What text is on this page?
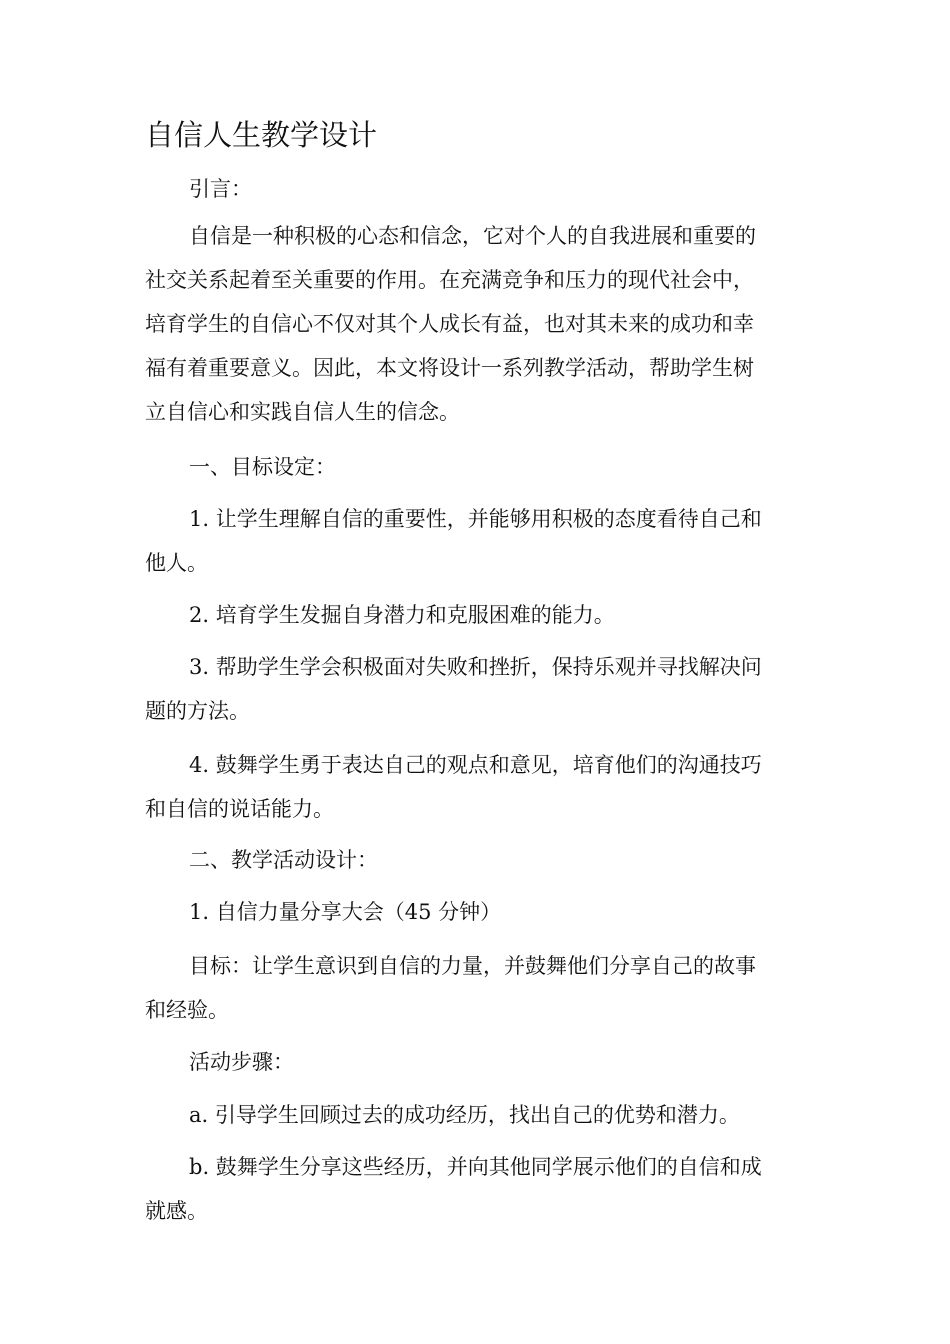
自信人生教学设计

引言：

自信是一种积极的心态和信念，它对个人的自我进展和重要的
社交关系起着至关重要的作用。在充满竞争和压力的现代社会中，
培育学生的自信心不仅对其个人成长有益，也对其未来的成功和幸
福有着重要意义。因此，本文将设计一系列教学活动，帮助学生树
立自信心和实践自信人生的信念。

一、目标设定：

1. 让学生理解自信的重要性，并能够用积极的态度看待自己和
他人。

2. 培育学生发掘自身潜力和克服困难的能力。

3. 帮助学生学会积极面对失败和挫折，保持乐观并寻找解决问
题的方法。

4. 鼓舞学生勇于表达自己的观点和意见，培育他们的沟通技巧
和自信的说话能力。

二、教学活动设计：

1. 自信力量分享大会（45 分钟）

目标：让学生意识到自信的力量，并鼓舞他们分享自己的故事
和经验。

活动步骤：

a. 引导学生回顾过去的成功经历，找出自己的优势和潜力。

b. 鼓舞学生分享这些经历，并向其他同学展示他们的自信和成
就感。
